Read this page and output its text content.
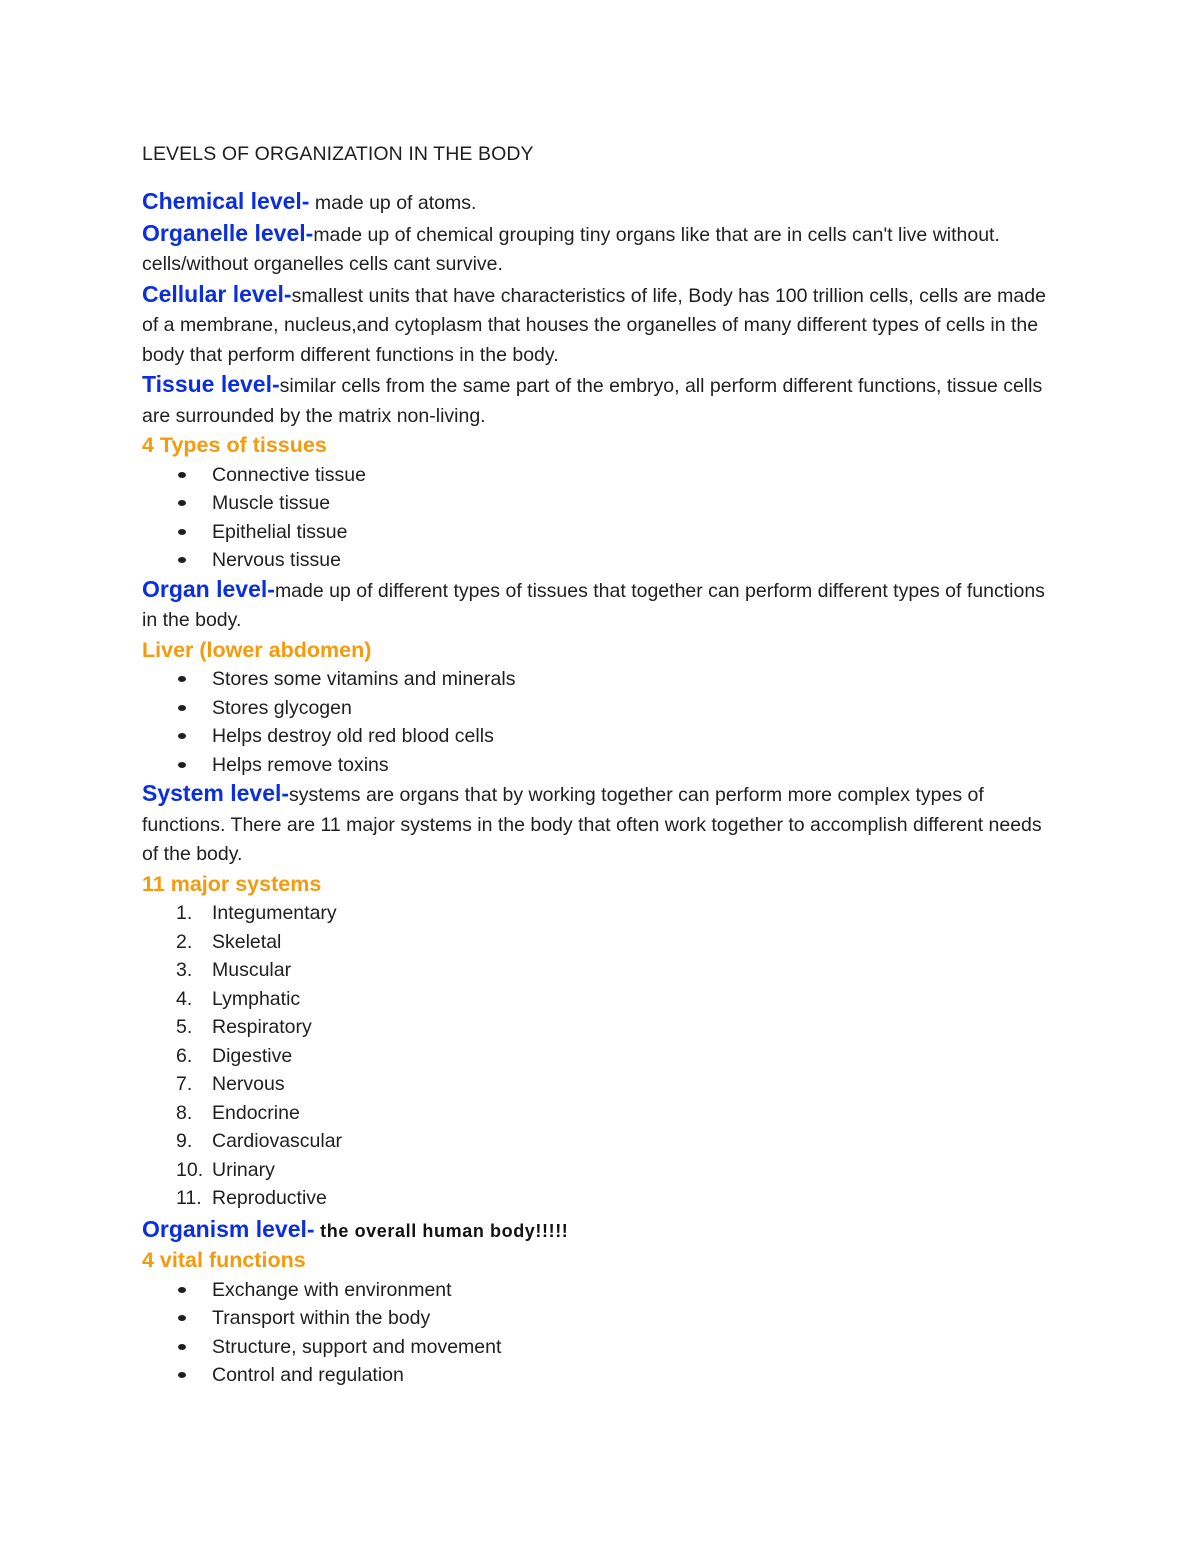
LEVELS OF ORGANIZATION IN THE BODY

Chemical level- made up of atoms.

Organelle level-made up of chemical grouping tiny organs like that are in cells can't live without. cells/without organelles cells cant survive.

Cellular level-smallest units that have characteristics of life, Body has 100 trillion cells, cells are made of a membrane, nucleus,and cytoplasm that houses the organelles of many different types of cells in the body that perform different functions in the body.

Tissue level-similar cells from the same part of the embryo, all perform different functions, tissue cells are surrounded by the matrix non-living.

4 Types of tissues
Connective tissue
Muscle tissue
Epithelial tissue
Nervous tissue

Organ level-made up of different types of tissues that together can perform different types of functions in the body.

Liver (lower abdomen)
Stores some vitamins and minerals
Stores glycogen
Helps destroy old red blood cells
Helps remove toxins

System level-systems are organs that by working together can perform more complex types of functions. There are 11 major systems in the body that often work together to accomplish different needs of the body.

11 major systems
1.	Integumentary
2.	Skeletal
3.	Muscular
4.	Lymphatic
5.	Respiratory
6.	Digestive
7.	Nervous
8.	Endocrine
9.	Cardiovascular
10. Urinary
11. Reproductive

Organism level- the overall human body!!!!!

4 vital functions
Exchange with environment
Transport within the body
Structure, support and movement
Control and regulation
